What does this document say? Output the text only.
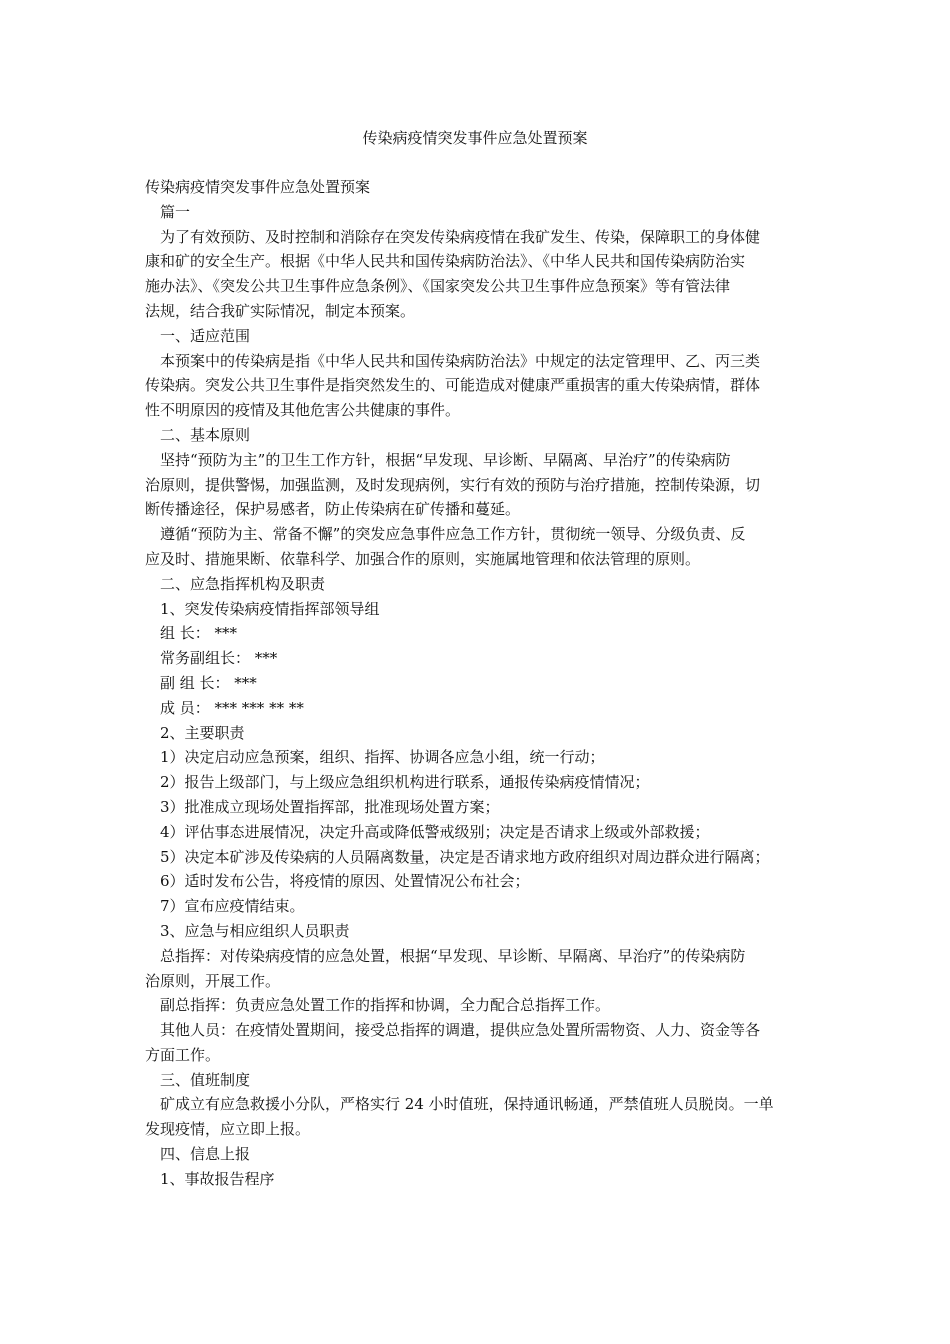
传染病疫情突发事件应急处置预案
传染病疫情突发事件应急处置预案
篇一
为了有效预防、及时控制和消除存在突发传染病疫情在我矿发生、传染，保障职工的身体健
康和矿的安全生产。根据《中华人民共和国传染病防治法》、《中华人民共和国传染病防治实
施办法》、《突发公共卫生事件应急条例》、《国家突发公共卫生事件应急预案》等有管法律
法规，结合我矿实际情况，制定本预案。
一、适应范围
本预案中的传染病是指《中华人民共和国传染病防治法》中规定的法定管理甲、乙、丙三类
传染病。突发公共卫生事件是指突然发生的、可能造成对健康严重损害的重大传染病情，群体
性不明原因的疫情及其他危害公共健康的事件。
二、基本原则
坚持“预防为主”的卫生工作方针，根据“早发现、早诊断、早隔离、早治疗”的传染病防
治原则，提供警惕，加强监测，及时发现病例，实行有效的预防与治疗措施，控制传染源，切
断传播途径，保护易感者，防止传染病在矿传播和蔓延。
遵循“预防为主、常备不懈”的突发应急事件应急工作方针，贯彻统一领导、分级负责、反
应及时、措施果断、依靠科学、加强合作的原则，实施属地管理和依法管理的原则。
二、应急指挥机构及职责
1、突发传染病疫情指挥部领导组
组 长： ***
常务副组长： ***
副 组 长： ***
成 员： *** *** ** **
2、主要职责
1）决定启动应急预案，组织、指挥、协调各应急小组，统一行动；
2）报告上级部门，与上级应急组织机构进行联系，通报传染病疫情情况；
3）批准成立现场处置指挥部，批准现场处置方案；
4）评估事态进展情况，决定升高或降低警戒级别；决定是否请求上级或外部救援；
5）决定本矿涉及传染病的人员隔离数量，决定是否请求地方政府组织对周边群众进行隔离；
6）适时发布公告，将疫情的原因、处置情况公布社会；
7）宣布应疫情结束。
3、应急与相应组织人员职责
总指挥：对传染病疫情的应急处置，根据“早发现、早诊断、早隔离、早治疗”的传染病防
治原则，开展工作。
副总指挥：负责应急处置工作的指挥和协调，全力配合总指挥工作。
其他人员：在疫情处置期间，接受总指挥的调遣，提供应急处置所需物资、人力、资金等各
方面工作。
三、值班制度
矿成立有应急救援小分队，严格实行 24 小时值班，保持通讯畅通，严禁值班人员脱岗。一单
发现疫情，应立即上报。
四、信息上报
1、事故报告程序
